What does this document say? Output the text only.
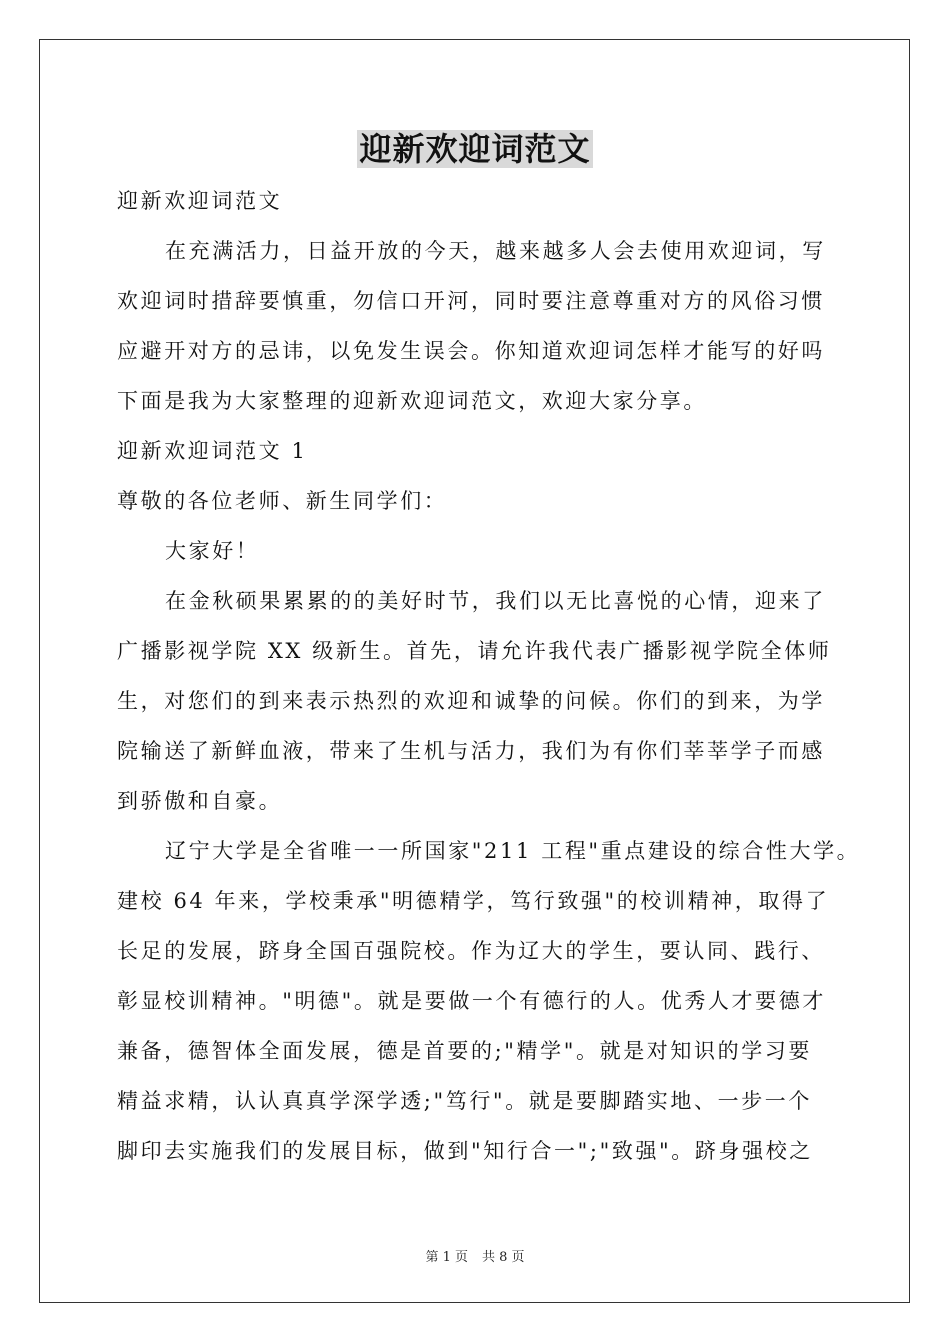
迎新欢迎词范文

迎新欢迎词范文

在充满活力，日益开放的今天，越来越多人会去使用欢迎词，写

欢迎词时措辞要慎重，勿信口开河，同时要注意尊重对方的风俗习惯

应避开对方的忌讳，以免发生误会。你知道欢迎词怎样才能写的好吗

下面是我为大家整理的迎新欢迎词范文，欢迎大家分享。

迎新欢迎词范文 1

尊敬的各位老师、新生同学们：

大家好！

在金秋硕果累累的的美好时节，我们以无比喜悦的心情，迎来了

广播影视学院 XX 级新生。首先，请允许我代表广播影视学院全体师

生，对您们的到来表示热烈的欢迎和诚挚的问候。你们的到来，为学

院输送了新鲜血液，带来了生机与活力，我们为有你们莘莘学子而感

到骄傲和自豪。

辽宁大学是全省唯一一所国家"211 工程"重点建设的综合性大学。

建校 64 年来，学校秉承"明德精学，笃行致强"的校训精神，取得了

长足的发展，跻身全国百强院校。作为辽大的学生，要认同、践行、

彰显校训精神。"明德"。就是要做一个有德行的人。优秀人才要德才

兼备，德智体全面发展，德是首要的;"精学"。就是对知识的学习要

精益求精，认认真真学深学透;"笃行"。就是要脚踏实地、一步一个

脚印去实施我们的发展目标，做到"知行合一";"致强"。跻身强校之

第 1 页 共 8 页
